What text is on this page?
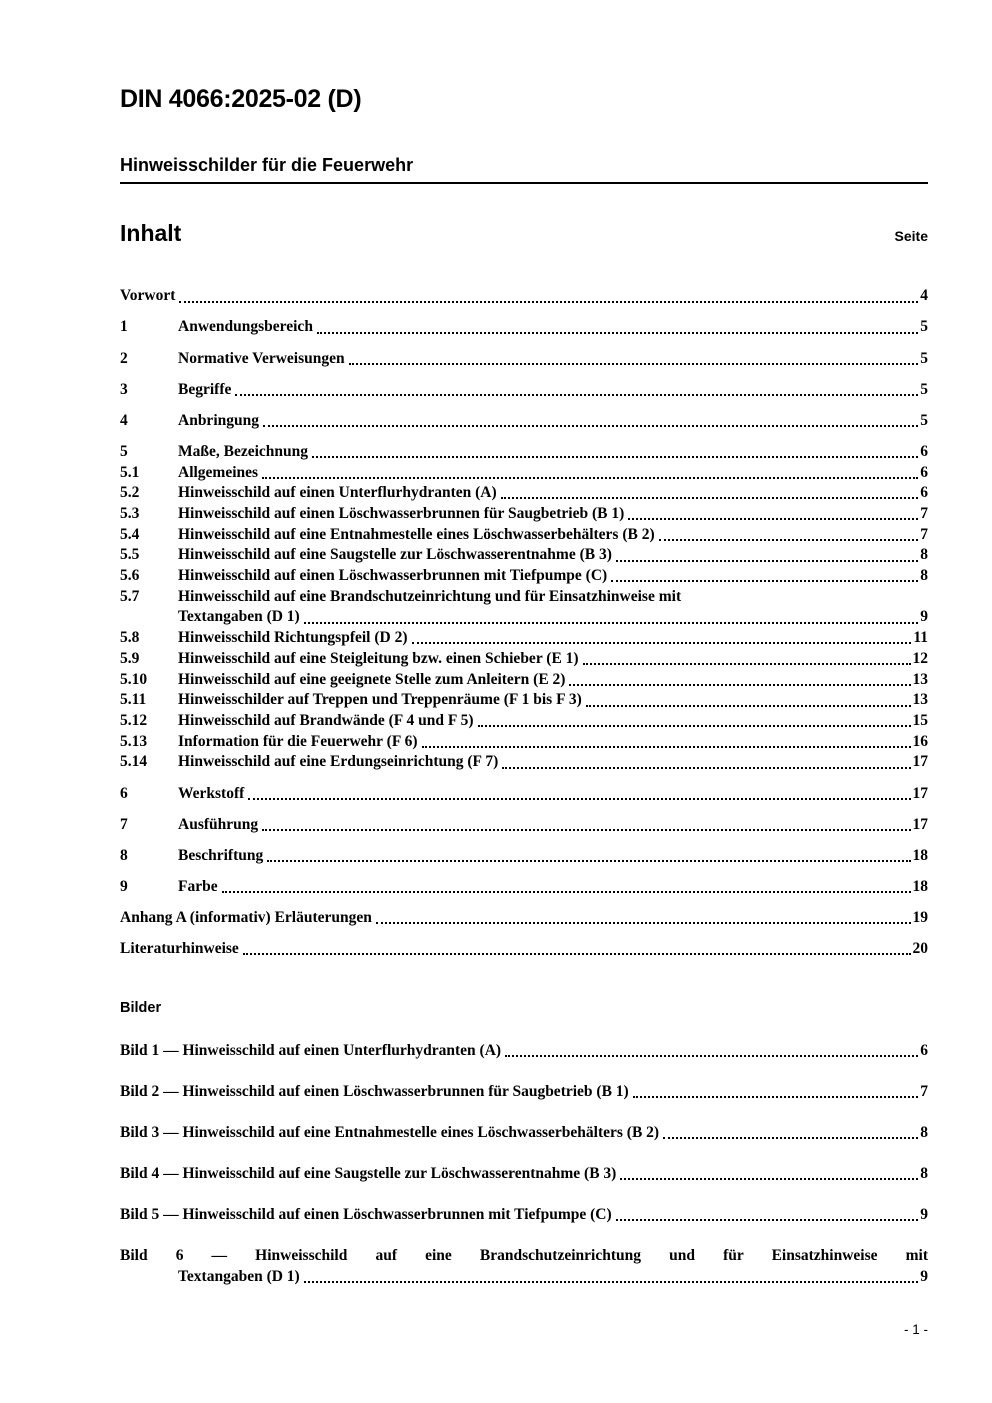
DIN 4066:2025-02 (D)
Hinweisschilder für die Feuerwehr
Inhalt	Seite
Vorwort	4
1	Anwendungsbereich	5
2	Normative Verweisungen	5
3	Begriffe	5
4	Anbringung	5
5	Maße, Bezeichnung	6
5.1	Allgemeines	6
5.2	Hinweisschild auf einen Unterflurhydranten (A)	6
5.3	Hinweisschild auf einen Löschwasserbrunnen für Saugbetrieb (B 1)	7
5.4	Hinweisschild auf eine Entnahmestelle eines Löschwasserbehälters (B 2)	7
5.5	Hinweisschild auf eine Saugstelle zur Löschwasserentnahme (B 3)	8
5.6	Hinweisschild auf einen Löschwasserbrunnen mit Tiefpumpe (C)	8
5.7	Hinweisschild auf eine Brandschutzeinrichtung und für Einsatzhinweise mit
Textangaben (D 1)	9
5.8	Hinweisschild Richtungspfeil (D 2)	11
5.9	Hinweisschild auf eine Steigleitung bzw. einen Schieber (E 1)	12
5.10	Hinweisschild auf eine geeignete Stelle zum Anleitern (E 2)	13
5.11	Hinweisschilder auf Treppen und Treppenräume (F 1 bis F 3)	13
5.12	Hinweisschild auf Brandwände (F 4 und F 5)	15
5.13	Information für die Feuerwehr (F 6)	16
5.14	Hinweisschild auf eine Erdungseinrichtung (F 7)	17
6	Werkstoff	17
7	Ausführung	17
8	Beschriftung	18
9	Farbe	18
Anhang A (informativ) Erläuterungen	19
Literaturhinweise	20
Bilder
Bild 1 — Hinweisschild auf einen Unterflurhydranten (A)	6
Bild 2 — Hinweisschild auf einen Löschwasserbrunnen für Saugbetrieb (B 1)	7
Bild 3 — Hinweisschild auf eine Entnahmestelle eines Löschwasserbehälters (B 2)	8
Bild 4 — Hinweisschild auf eine Saugstelle zur Löschwasserentnahme (B 3)	8
Bild 5 — Hinweisschild auf einen Löschwasserbrunnen mit Tiefpumpe (C)	9
Bild 6 — Hinweisschild auf eine Brandschutzeinrichtung und für Einsatzhinweise mit
Textangaben (D 1)	9
- 1 -
